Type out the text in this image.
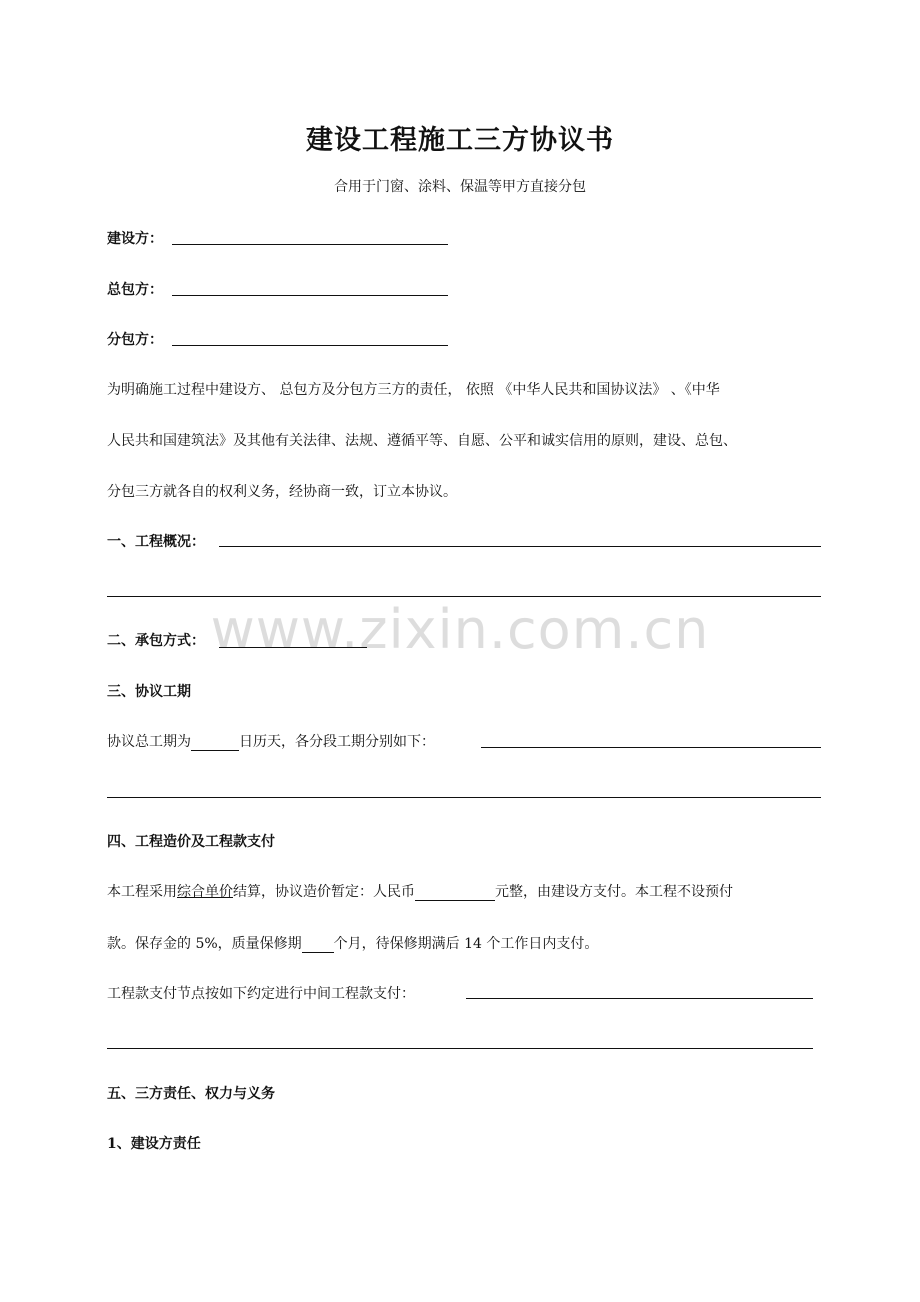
建设工程施工三方协议书
合用于门窗、涂料、保温等甲方直接分包
建设方：
总包方：
分包方：
为明确施工过程中建设方、 总包方及分包方三方的责任， 依照 《中华人民共和国协议法》 、《中华
人民共和国建筑法》及其他有关法律、法规、遵循平等、自愿、公平和诚实信用的原则，建设、总包、
分包三方就各自的权利义务，经协商一致，订立本协议。
一、工程概况：
www.zixin.com.cn
二、承包方式：
三、协议工期
协议总工期为	日历天，各分段工期分别如下：
四、工程造价及工程款支付
本工程采用综合单价结算，协议造价暂定：人民币	元整，由建设方支付。本工程不设预付
款。保存金的 5%，质量保修期 个月，待保修期满后 14 个工作日内支付。
工程款支付节点按如下约定进行中间工程款支付：
五、三方责任、权力与义务
1、建设方责任
